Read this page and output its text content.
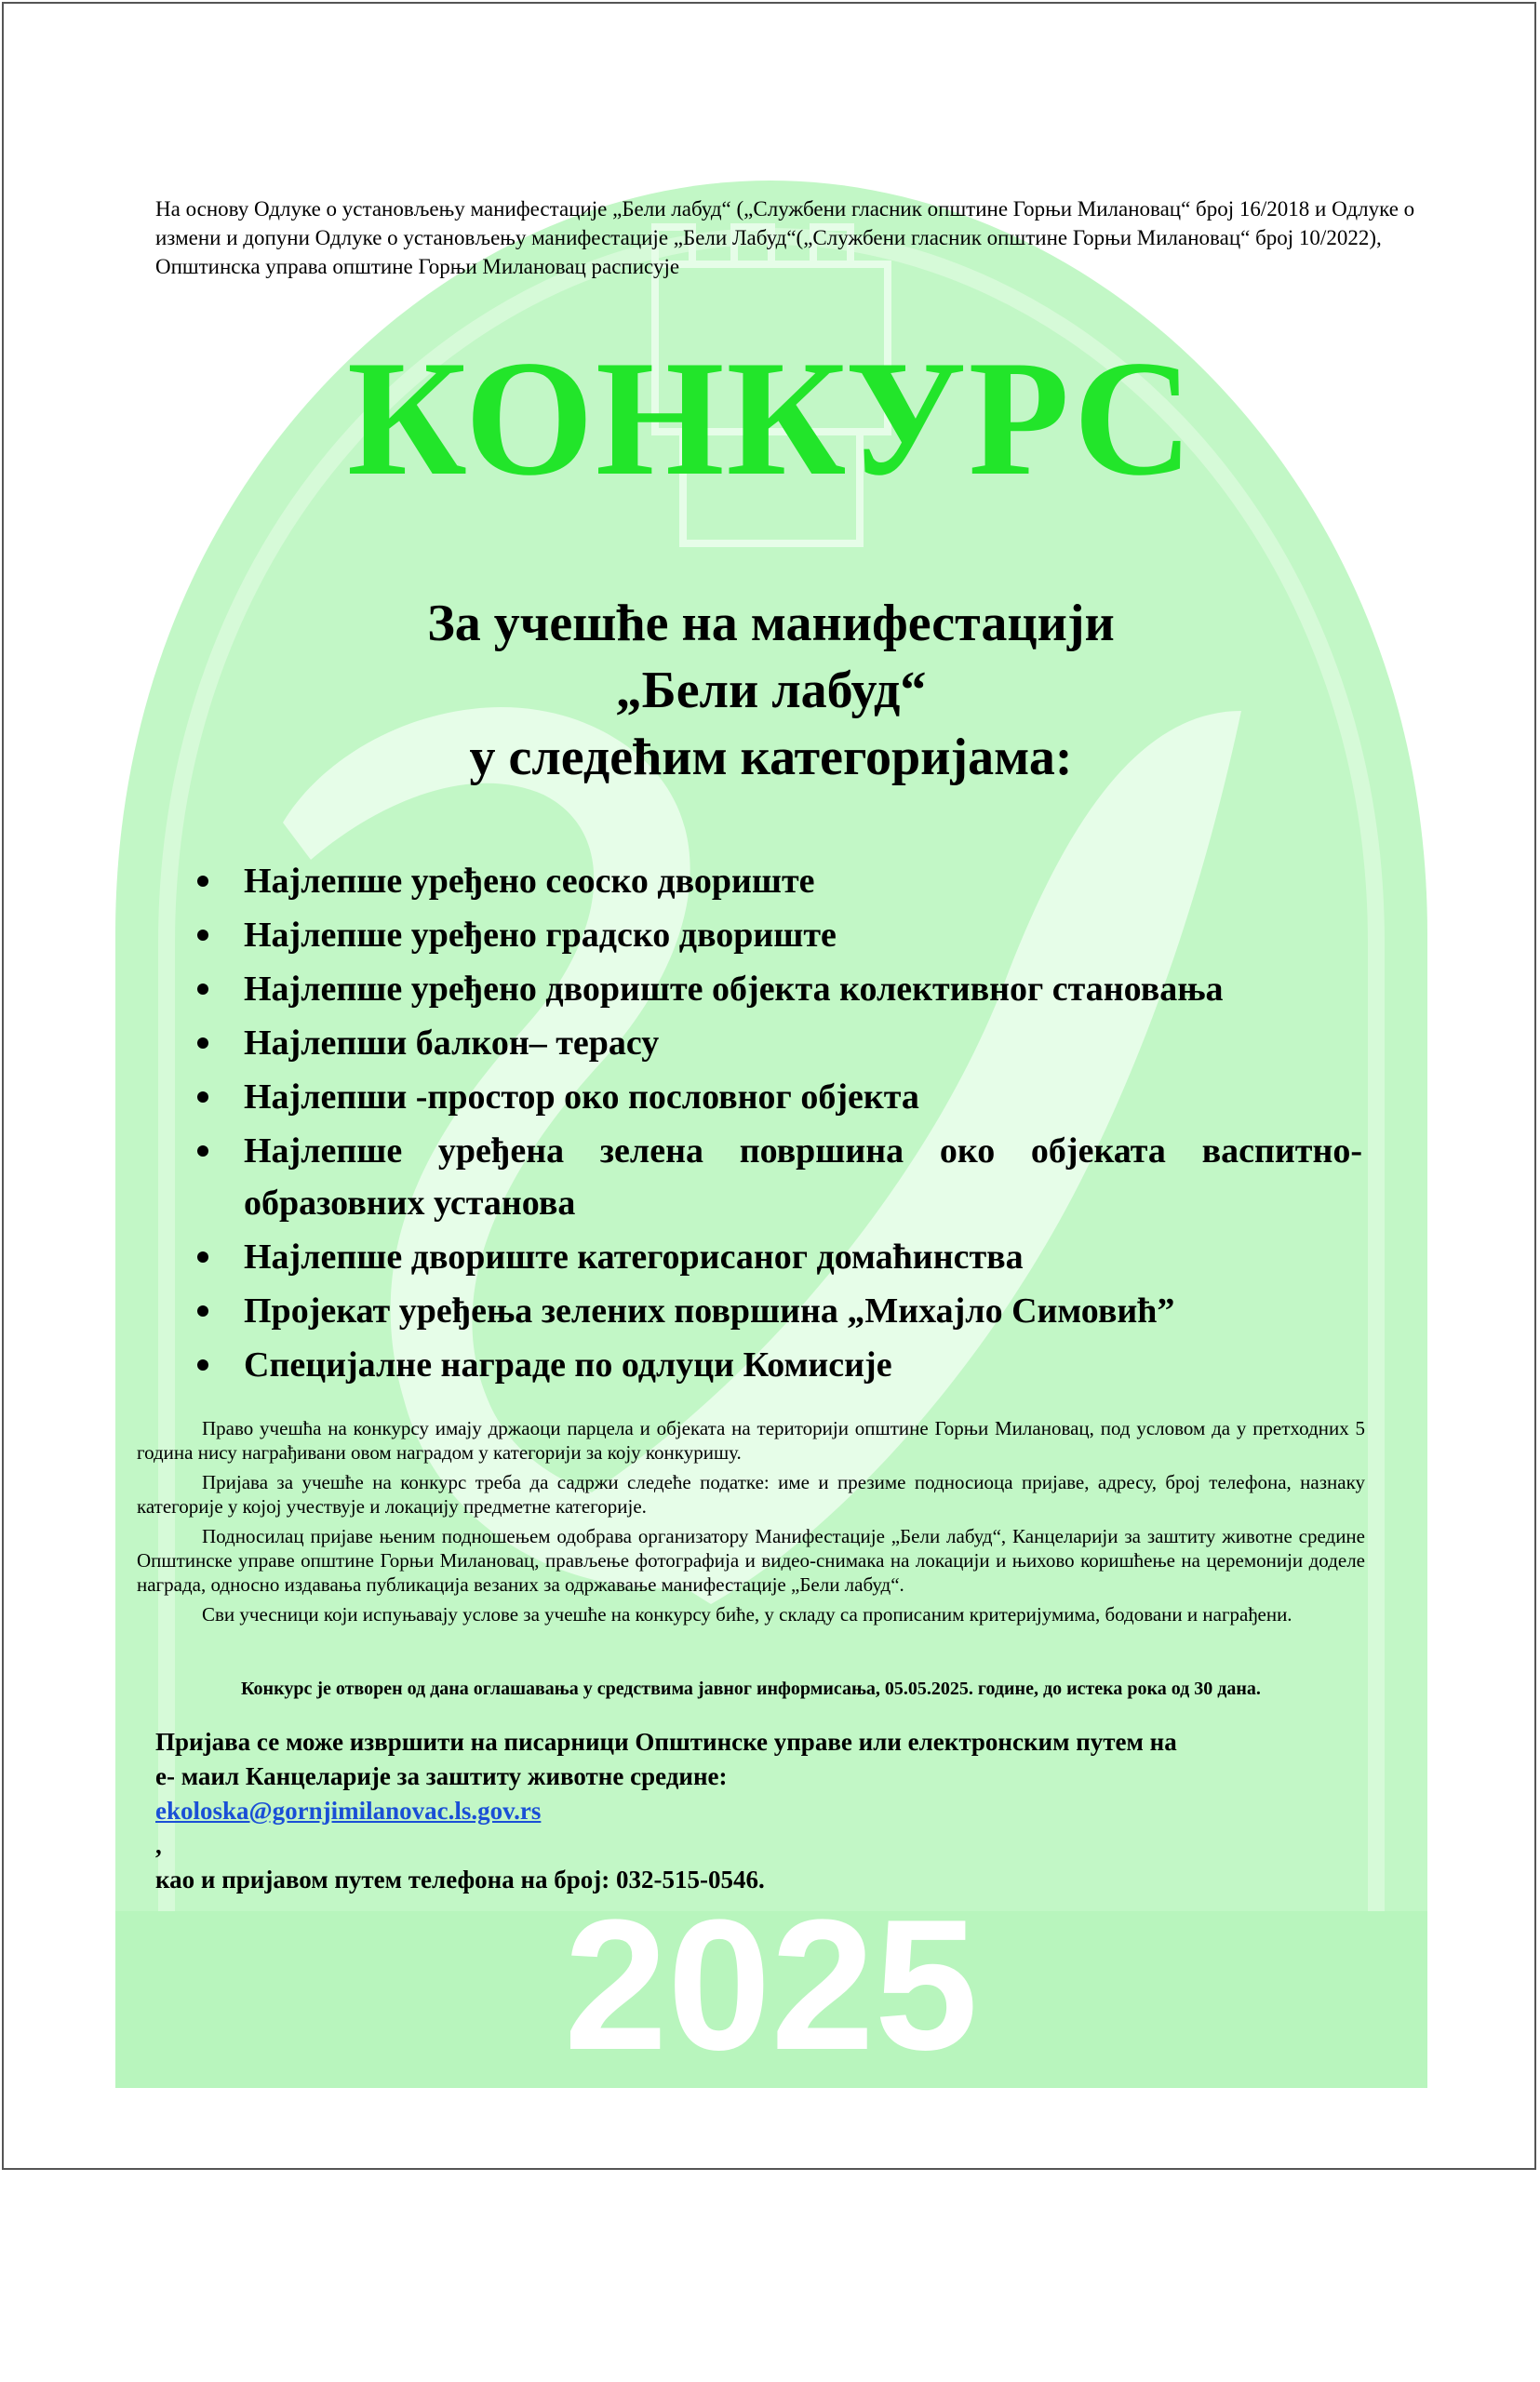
На основу Одлуке о установљењу манифестације „Бели лабуд“ („Службени гласник општине Горњи Милановац“ број 16/2018 и Одлуке о
измени и допуни Одлуке о установљењу манифестације „Бели Лабуд“(„Службени гласник општине Горњи Милановац“ број 10/2022),
Општинска управа општине Горњи Милановац расписује
КОНКУРС
За учешће на манифестацији
„Бели лабуд“
у следећим категоријама:
Најлепше уређено сеоско двориште
Најлепше уређено градско двориште
Најлепше уређено двориште објекта колективног становања
Најлепши балкон– терасу
Најлепши -простор око пословног објекта
Најлепше уређена зелена површина око објеката васпитно-
образовних установа
Најлепше двориште категорисаног домаћинства
Пројекат уређења зелених површина „Михајло Симовић”
Специјалне награде по одлуци Комисије

Право учешћа на конкурсу имају држаоци парцела и објеката на територији општине Горњи Милановац, под условом да у претходних 5 година нису награђивани овом наградом у категорији за коју конкуришу.

Пријава за учешће на конкурс треба да садржи следеће податке: име и презиме подносиоца пријаве, адресу, број телефона, назнаку категорије у којој учествује и локацију предметне категорије.

Подносилац пријаве њеним подношењем одобрава организатору Манифестације „Бели лабуд“, Канцеларији за заштиту животне средине Општинске управе општине Горњи Милановац, прављење фотографија и видео-снимака на локацији и њихово коришћење на церемонији доделе награда, односно издавања публикација везаних за одржавање манифестације „Бели лабуд“.

Сви учесници који испуњавају услове за учешће на конкурсу биће, у складу са прописаним критеријумима, бодовани и награђени.

Конкурс је отворен од дана оглашавања у средствима јавног информисања, 05.05.2025. године, до истека рока од 30 дана.
Пријава се може извршити на писарници Општинске управе или електронским путем на
е- маил Канцеларије за заштиту животне средине:
ekoloska@gornjimilanovac.ls.gov.rs
,
као и пријавом путем телефона на број: 032-515-0546.
2025
